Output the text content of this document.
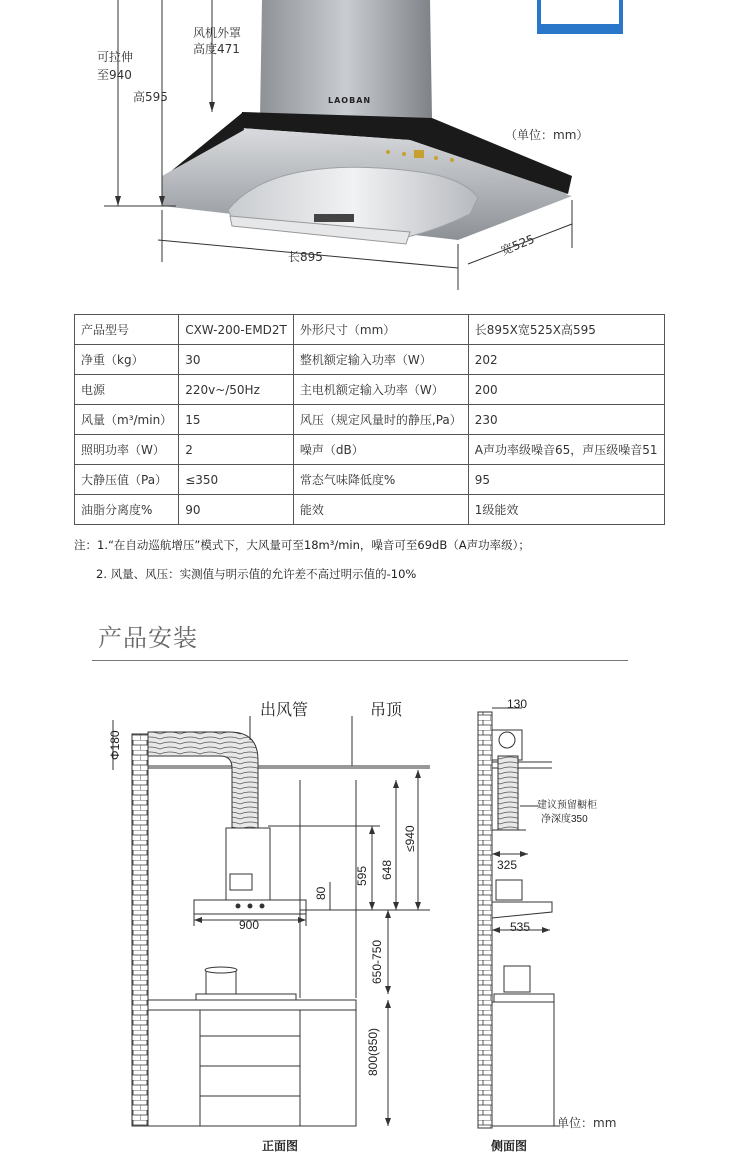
可拉伸
至940
高595
风机外罩
高度471
LAOBAN
（单位：mm）
长895	宽525
产品型号	CXW-200-EMD2T	外形尺寸（mm）	长895X宽525X高595
净重（kg）	30	整机额定输入功率（W）	202
电源	220v~/50Hz	主电机额定输入功率（W）	200
风量（m³/min）	15	风压（规定风量时的静压,Pa）	230
照明功率（W）	2	噪声（dB）	A声功率级噪音65，声压级噪音51
大静压值（Pa）	≤350	常态气味降低度%	95
油脂分离度%	90	能效	1级能效
注：1.“在自动巡航增压”模式下，大风量可至18m³/min，噪音可至69dB（A声功率级）；
2. 风量、风压：实测值与明示值的允许差不高过明示值的-10%
产品安装
出风管	吊顶
Φ180
595 648
≤940
80
900
650-750
800(850)
130
建议预留橱柜
净深度350
325
535
单位：mm
正面图	侧面图
